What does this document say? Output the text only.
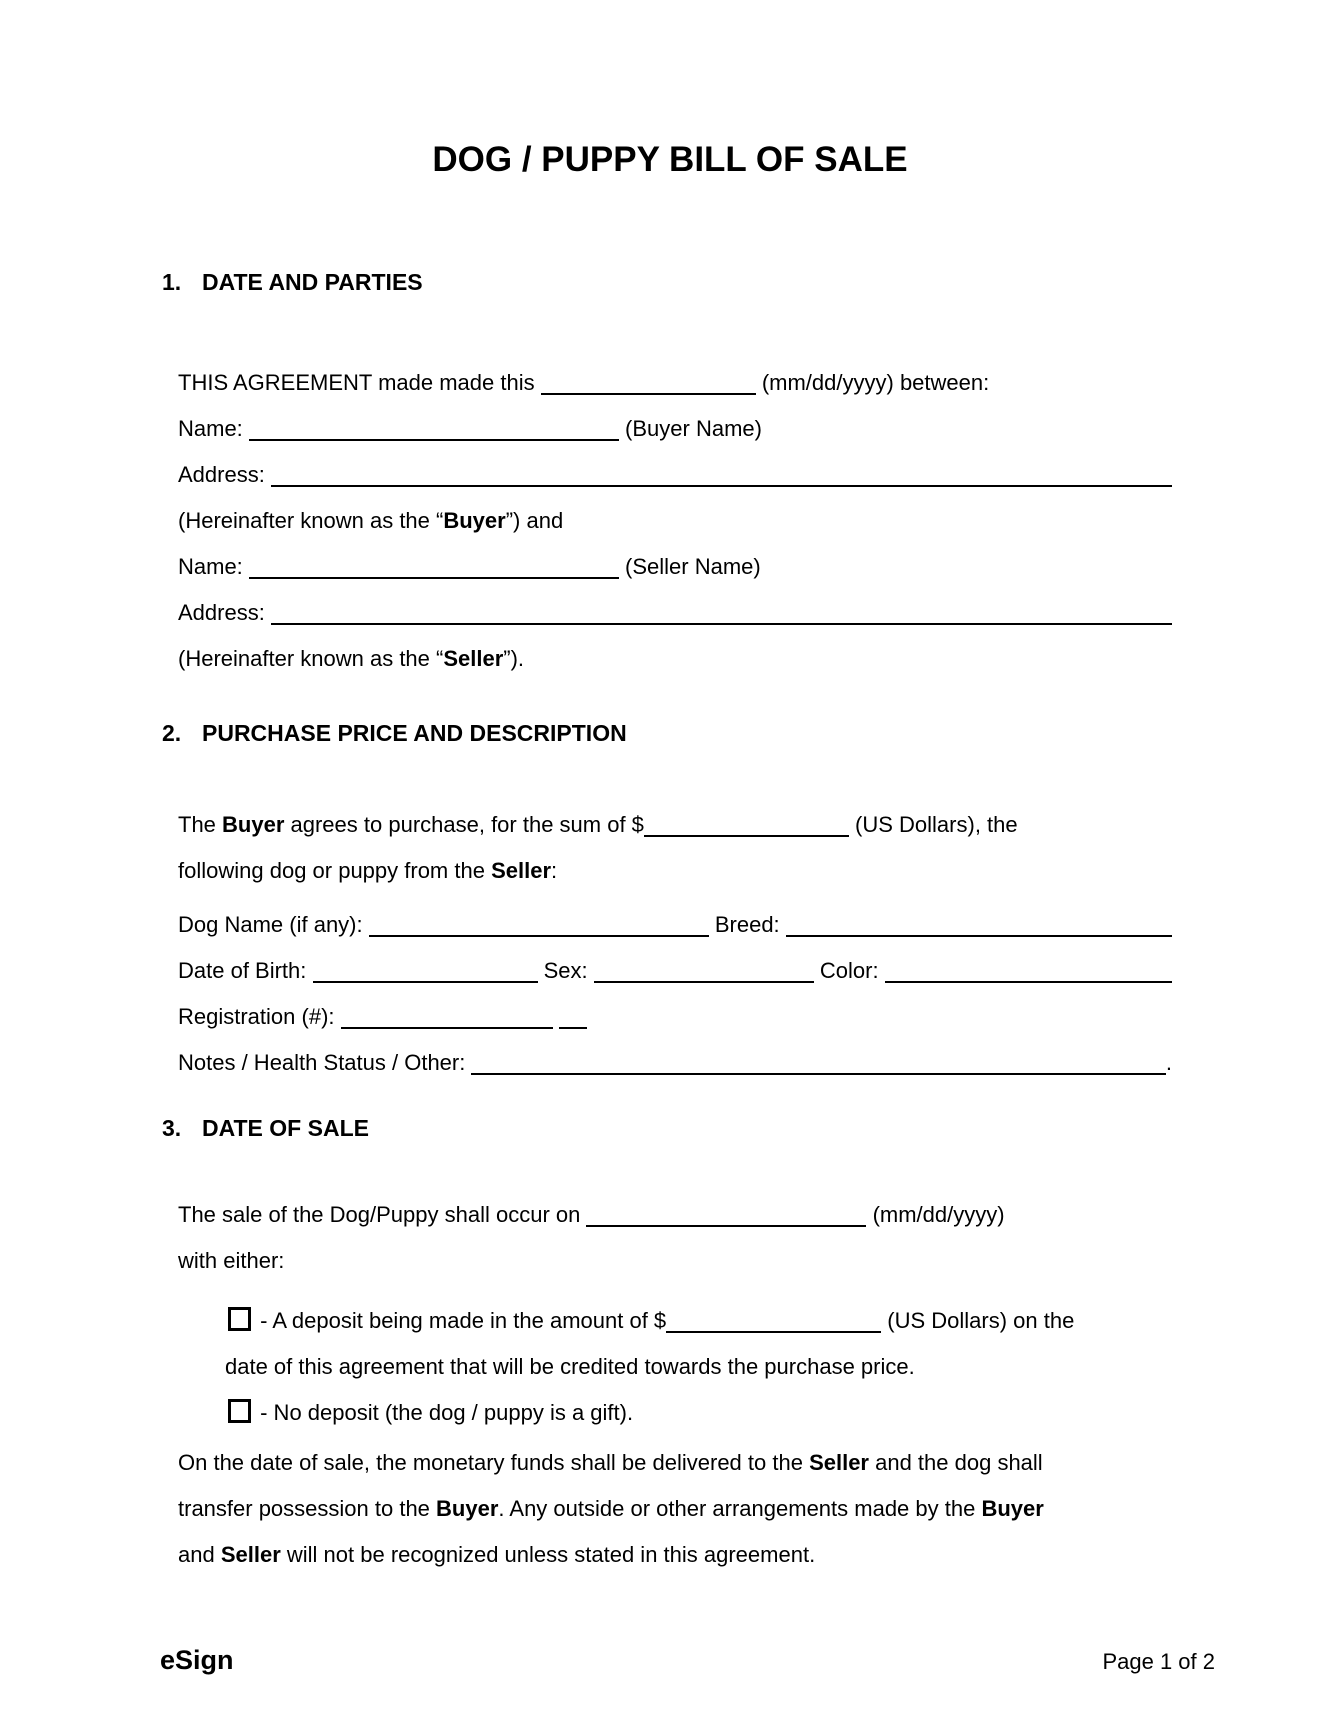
DOG / PUPPY BILL OF SALE
1. DATE AND PARTIES
THIS AGREEMENT made made this	(mm/dd/yyyy) between:
Name:	(Buyer Name)
Address:
(Hereinafter known as the “ Buyer ”) and
Name:	(Seller Name)
Address:
(Hereinafter known as the “ Seller ”).
2. PURCHASE PRICE AND DESCRIPTION
The Buyer agrees to purchase, for the sum of $	(US Dollars), the
following dog or puppy from the Seller :
Dog Name (if any):	Breed:
Date of Birth:	Sex:	Color:
Registration (#):

Notes / Health Status / Other:	.
3. DATE OF SALE
The sale of the Dog/Puppy shall occur on	(mm/dd/yyyy)
with either:
- A deposit being made in the amount of $	(US Dollars) on the
date of this agreement that will be credited towards the purchase price.
- No deposit (the dog / puppy is a gift).
On the date of sale, the monetary funds shall be delivered to the Seller and the dog shall
transfer possession to the Buyer . Any outside or other arrangements made by the Buyer
and Seller will not be recognized unless stated in this agreement.
eSign	Page 1 of 2
